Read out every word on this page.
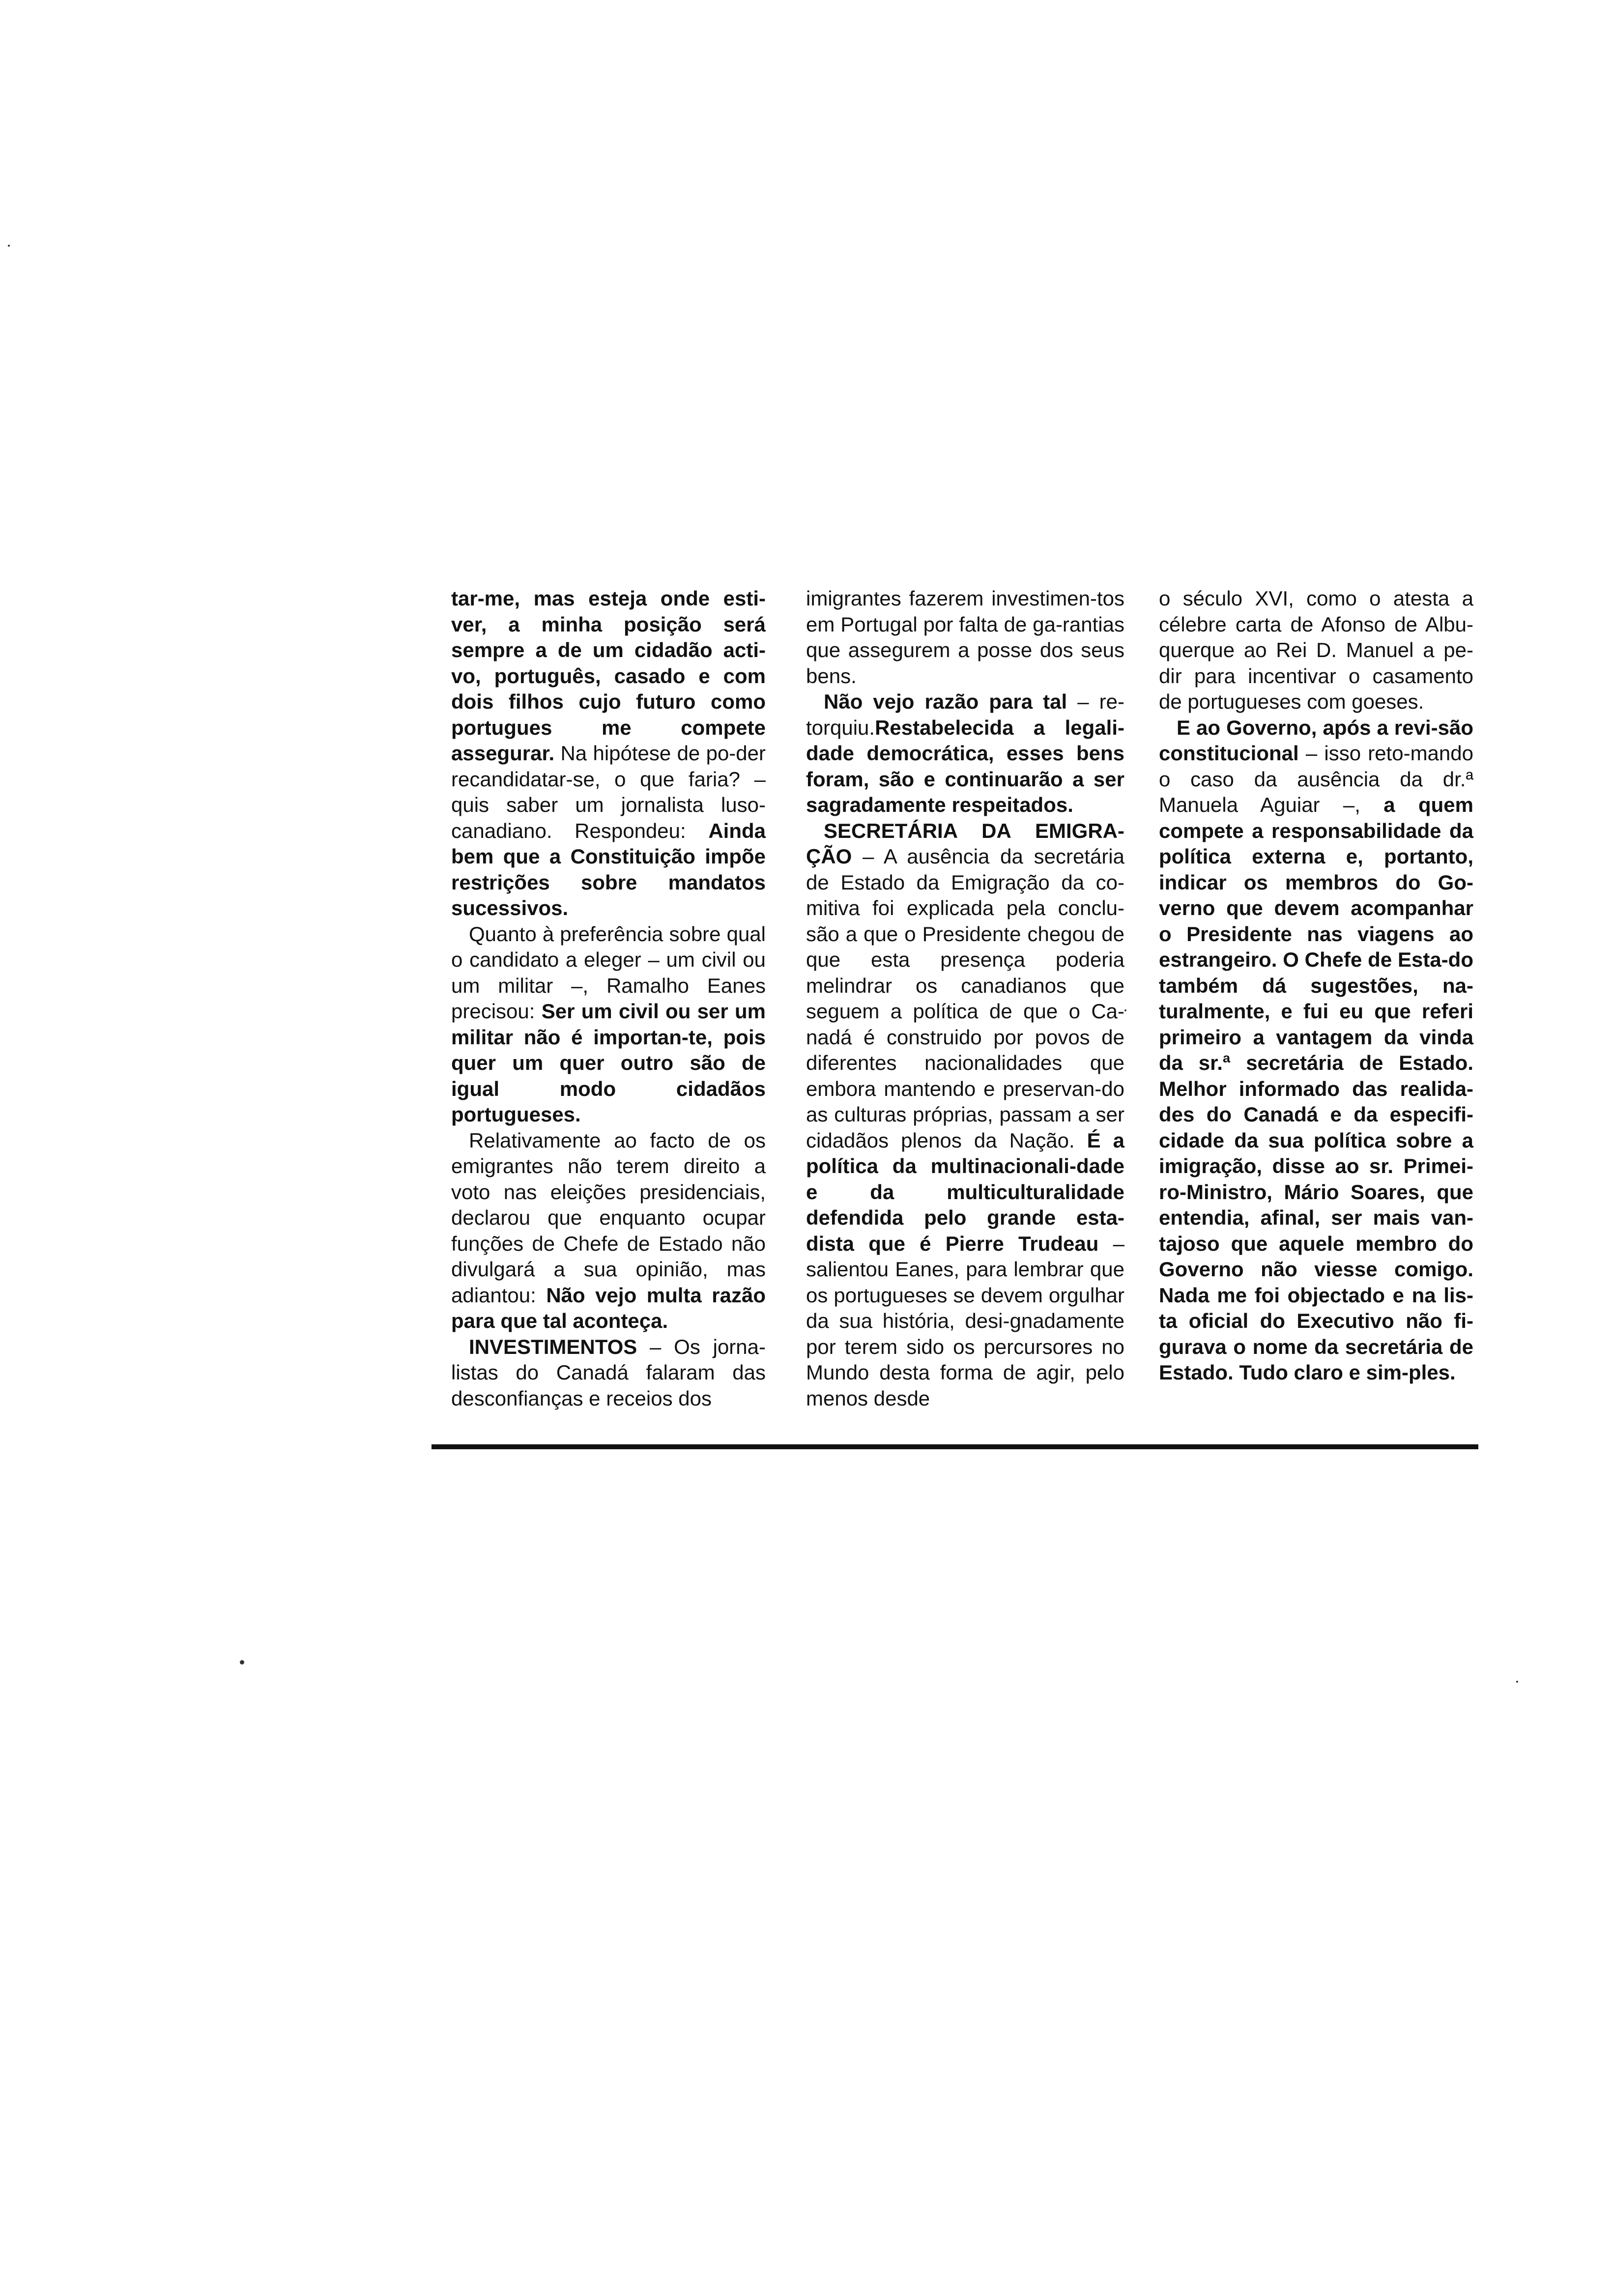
tar-me, mas esteja onde esti-ver, a minha posição será sempre a de um cidadão acti-vo, português, casado e com dois filhos cujo futuro como portugues me compete assegurar. Na hipótese de po-der recandidatar-se, o que faria? – quis saber um jornalista luso-canadiano. Respondeu: Ainda bem que a Constituição impõe restrições sobre mandatos sucessivos.

Quanto à preferência sobre qual o candidato a eleger – um civil ou um militar –, Ramalho Eanes precisou: Ser um civil ou ser um militar não é importan-te, pois quer um quer outro são de igual modo cidadãos portugueses.

Relativamente ao facto de os emigrantes não terem direito a voto nas eleições presidenciais, declarou que enquanto ocupar funções de Chefe de Estado não divulgará a sua opinião, mas adiantou: Não vejo multa razão para que tal aconteça.

INVESTIMENTOS – Os jorna-listas do Canadá falaram das desconfianças e receios dos

imigrantes fazerem investimen-tos em Portugal por falta de ga-rantias que assegurem a posse dos seus bens.

Não vejo razão para tal – re-torquiu.Restabelecida a legali-dade democrática, esses bens foram, são e continuarão a ser sagradamente respeitados.

SECRETÁRIA DA EMIGRA-ÇÃO – A ausência da secretária de Estado da Emigração da co-mitiva foi explicada pela conclu-são a que o Presidente chegou de que esta presença poderia melindrar os canadianos que seguem a política de que o Ca-nadá é construido por povos de diferentes nacionalidades que embora mantendo e preservan-do as culturas próprias, passam a ser cidadãos plenos da Nação. É a política da multinacionali-dade e da multiculturalidade defendida pelo grande esta-dista que é Pierre Trudeau – salientou Eanes, para lembrar que os portugueses se devem orgulhar da sua história, desi-gnadamente por terem sido os percursores no Mundo desta forma de agir, pelo menos desde

o século XVI, como o atesta a célebre carta de Afonso de Albu-querque ao Rei D. Manuel a pe-dir para incentivar o casamento de portugueses com goeses.

E ao Governo, após a revi-são constitucional – isso reto-mando o caso da ausência da dr.ª Manuela Aguiar –, a quem compete a responsabilidade da política externa e, portanto, indicar os membros do Go-verno que devem acompanhar o Presidente nas viagens ao estrangeiro. O Chefe de Esta-do também dá sugestões, na-turalmente, e fui eu que referi primeiro a vantagem da vinda da sr.ª secretária de Estado. Melhor informado das realida-des do Canadá e da especifi-cidade da sua política sobre a imigração, disse ao sr. Primei-ro-Ministro, Mário Soares, que entendia, afinal, ser mais van-tajoso que aquele membro do Governo não viesse comigo. Nada me foi objectado e na lis-ta oficial do Executivo não fi-gurava o nome da secretária de Estado. Tudo claro e sim-ples.
